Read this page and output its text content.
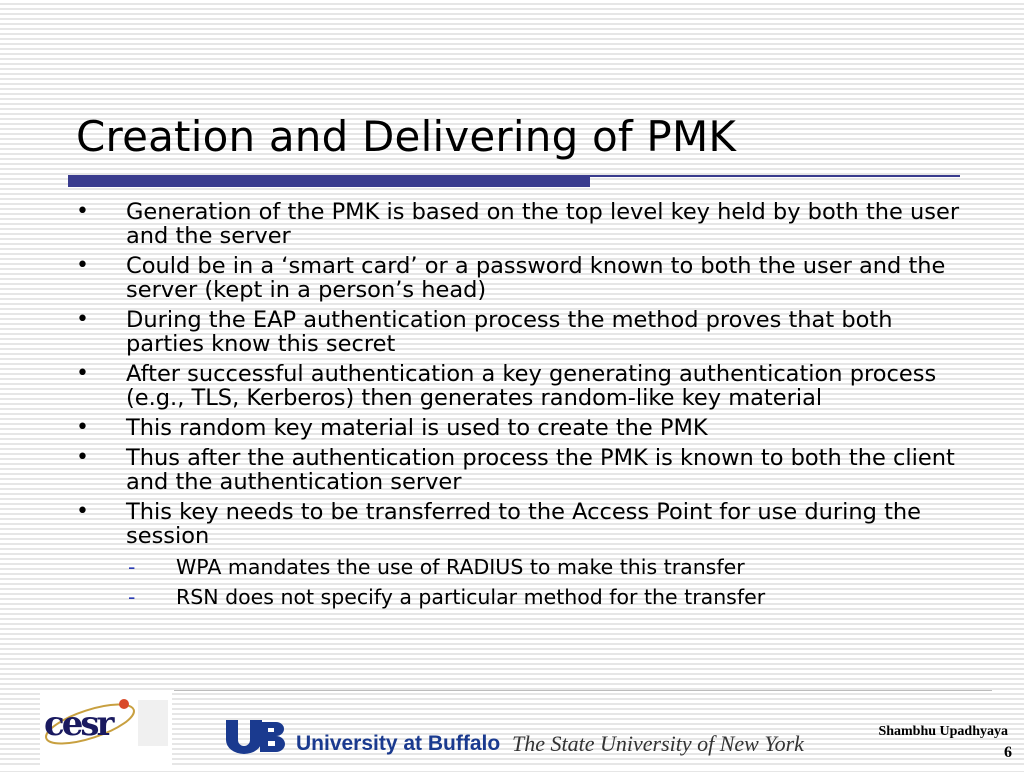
Creation and Delivering of PMK
• Generation of the PMK is based on the top level key held by both the user and the server
• Could be in a ‘smart card’ or a password known to both the user and the server (kept in a person’s head)
• During the EAP authentication process the method proves that both parties know this secret
• After successful authentication a key generating authentication process (e.g., TLS, Kerberos) then generates random-like key material
• This random key material is used to create the PMK
• Thus after the authentication process the PMK is known to both the client and the authentication server
• This key needs to be transferred to the Access Point for use during the session
- WPA mandates the use of RADIUS to make this transfer
- RSN does not specify a particular method for the transfer
cesr	University at Buffalo The State University of New York	Shambhu Upadhyaya

6
